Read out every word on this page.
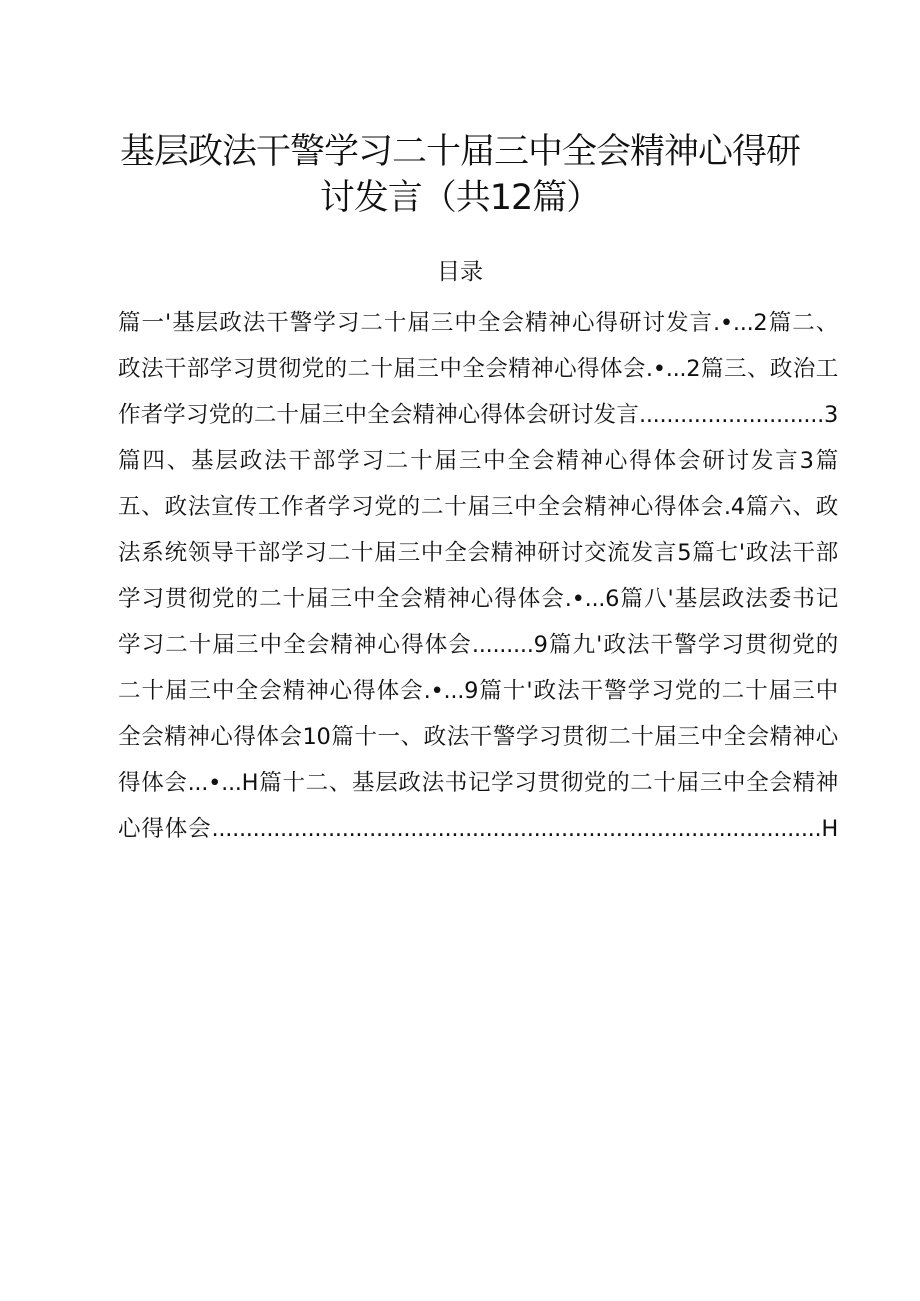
基层政法干警学习二十届三中全会精神心得研
讨发言（共12篇）
目录
篇一'基层政法干警学习二十届三中全会精神心得研讨发言.•...2篇二、
政法干部学习贯彻党的二十届三中全会精神心得体会.•...2篇三、政治工
作者学习党的二十届三中全会精神心得体会研讨发言...........................3
篇四、基层政法干部学习二十届三中全会精神心得体会研讨发言3篇
五、政法宣传工作者学习党的二十届三中全会精神心得体会.4篇六、政
法系统领导干部学习二十届三中全会精神研讨交流发言5篇七'政法干部
学习贯彻党的二十届三中全会精神心得体会.•...6篇八'基层政法委书记
学习二十届三中全会精神心得体会.........9篇九'政法干警学习贯彻党的
二十届三中全会精神心得体会.•...9篇十'政法干警学习党的二十届三中
全会精神心得体会10篇十一、政法干警学习贯彻二十届三中全会精神心
得体会...•...H篇十二、基层政法书记学习贯彻党的二十届三中全会精神
心得体会.........................................................................................H
